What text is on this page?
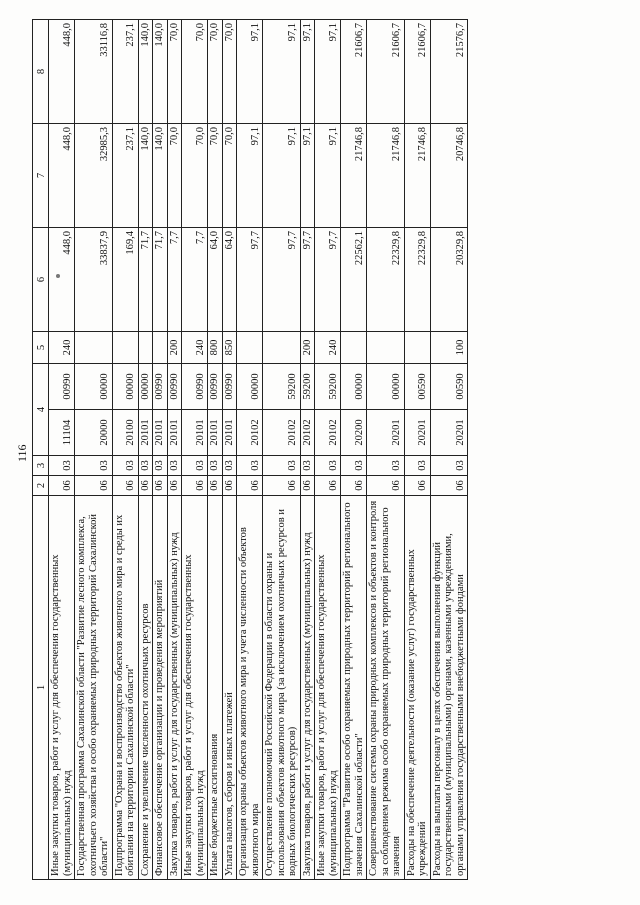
116
1	2	3	4		5	6	7	8
Иные закупки товаров, работ и услуг для обеспечения государственных (муниципальных) нужд	06	03	11104	00990	240	448,0	448,0	448,0
Государственная программа Сахалинской области "Развитие лесного комплекса, охотничьего хозяйства и особо охраняемых природных территорий Сахалинской области"	06	03	20000	00000		33837,9	32985,3	33116,8
Подпрограмма "Охрана и воспроизводство объектов животного мира и среды их обитания на территории Сахалинской области"	06	03	20100	00000		169,4	237,1	237,1
Сохранение и увеличение численности охотничьих ресурсов	06	03	20101	00000		71,7	140,0	140,0
Финансовое обеспечение организации и проведения мероприятий	06	03	20101	00990		71,7	140,0	140,0
Закупка товаров, работ и услуг для государственных (муниципальных) нужд	06	03	20101	00990	200	7,7	70,0	70,0
Иные закупки товаров, работ и услуг для обеспечения государственных (муниципальных) нужд	06	03	20101	00990	240	7,7	70,0	70,0
Иные бюджетные ассигнования	06	03	20101	00990	800	64,0	70,0	70,0
Уплата налогов, сборов и иных платежей	06	03	20101	00990	850	64,0	70,0	70,0
Организация охраны объектов животного мира и учета численности объектов животного мира	06	03	20102	00000		97,7	97,1	97,1
Осуществление полномочий Российской Федерации в области охраны и использования объектов животного мира (за исключением охотничьих ресурсов и водных биологических ресурсов)	06	03	20102	59200		97,7	97,1	97,1
Закупка товаров, работ и услуг для государственных (муниципальных) нужд	06	03	20102	59200	200	97,7	97,1	97,1
Иные закупки товаров, работ и услуг для обеспечения государственных (муниципальных) нужд	06	03	20102	59200	240	97,7	97,1	97,1
Подпрограмма "Развитие особо охраняемых природных территорий регионального значения Сахалинской области"	06	03	20200	00000		22562,1	21746,8	21606,7
Совершенствование системы охраны природных комплексов и объектов и контроля за соблюдением режима особо охраняемых природных территорий регионального значения	06	03	20201	00000		22329,8	21746,8	21606,7
Расходы на обеспечение деятельности (оказание услуг) государственных учреждений	06	03	20201	00590		22329,8	21746,8	21606,7
Расходы на выплаты персоналу в целях обеспечения выполнения функций государственными (муниципальными) органами, казенными учреждениями, органами управления государственными внебюджетными фондами	06	03	20201	00590	100	20329,8	20746,8	21576,7
